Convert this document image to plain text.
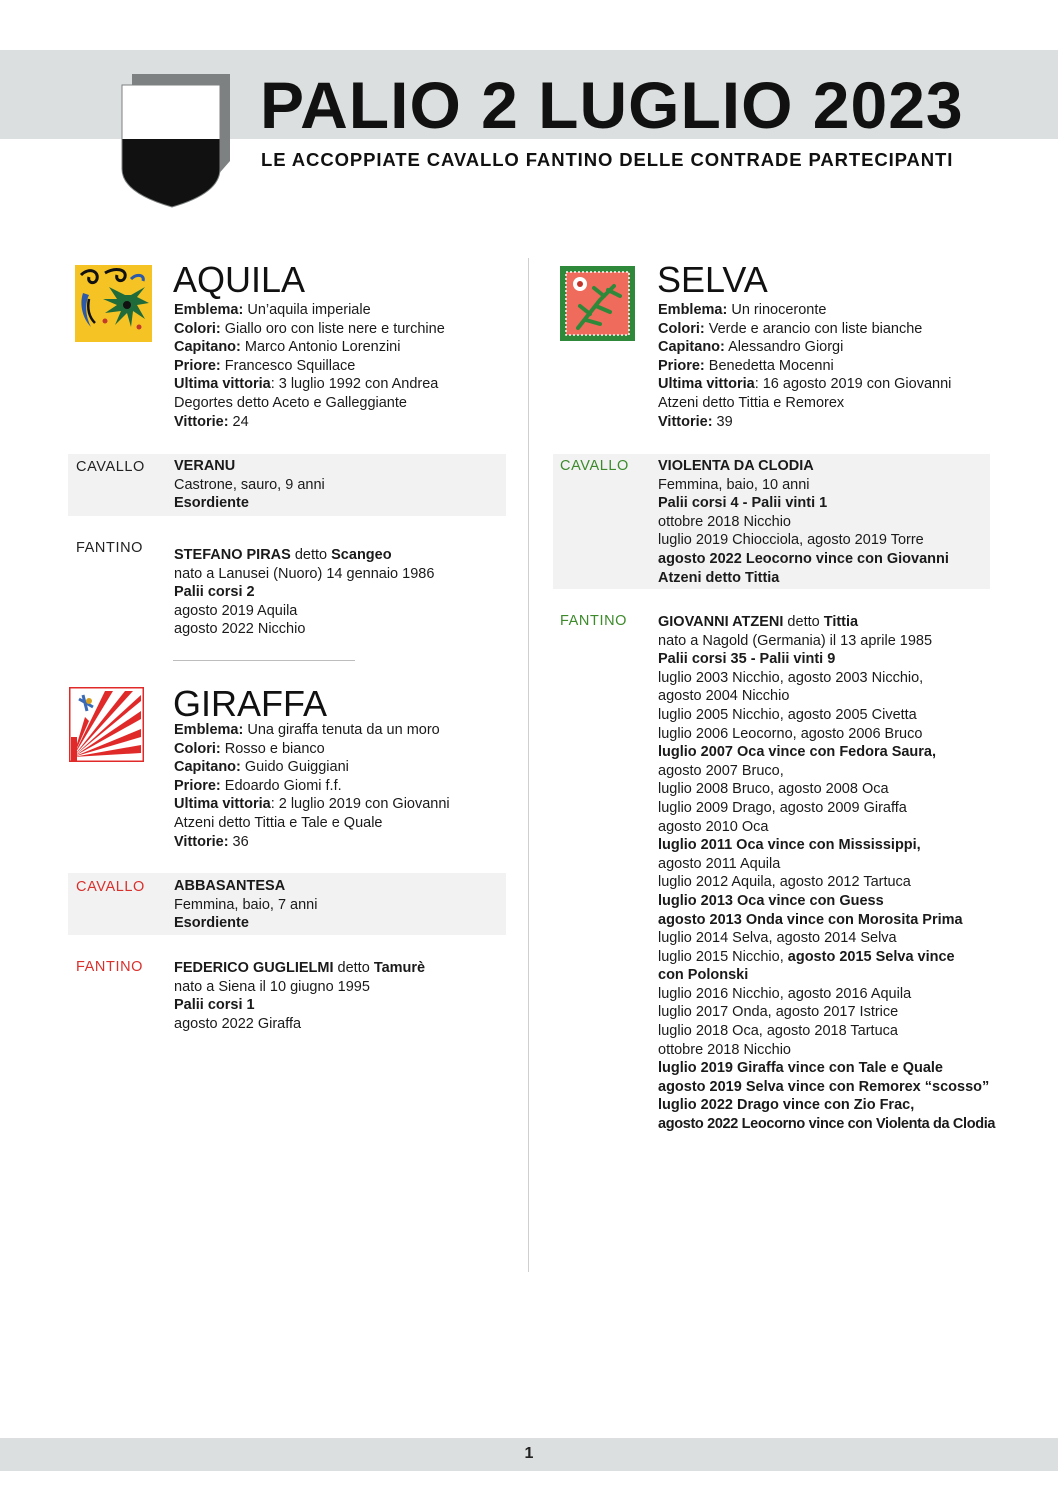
PALIO 2 LUGLIO 2023
LE ACCOPPIATE CAVALLO FANTINO DELLE CONTRADE PARTECIPANTI
AQUILA
Emblema: Un’aquila imperiale
Colori: Giallo oro con liste nere e turchine
Capitano: Marco Antonio Lorenzini
Priore: Francesco Squillace
Ultima vittoria: 3 luglio 1992 con Andrea
Degortes detto Aceto e Galleggiante
Vittorie: 24
CAVALLO VERANU
Castrone, sauro, 9 anni
Esordiente
FANTINO STEFANO PIRAS detto Scangeo
nato a Lanusei (Nuoro) 14 gennaio 1986
Palii corsi 2
agosto 2019 Aquila
agosto 2022 Nicchio
GIRAFFA
Emblema: Una giraffa tenuta da un moro
Colori: Rosso e bianco
Capitano: Guido Guiggiani
Priore: Edoardo Giomi f.f.
Ultima vittoria: 2 luglio 2019 con Giovanni
Atzeni detto Tittia e Tale e Quale
Vittorie: 36
CAVALLO ABBASANTESA
Femmina, baio, 7 anni
Esordiente
FANTINO FEDERICO GUGLIELMI detto Tamurè
nato a Siena il 10 giugno 1995
Palii corsi 1
agosto 2022 Giraffa
SELVA
Emblema: Un rinoceronte
Colori: Verde e arancio con liste bianche
Capitano: Alessandro Giorgi
Priore: Benedetta Mocenni
Ultima vittoria: 16 agosto 2019 con Giovanni
Atzeni detto Tittia e Remorex
Vittorie: 39
CAVALLO VIOLENTA DA CLODIA
Femmina, baio, 10 anni
Palii corsi 4 - Palii vinti 1
ottobre 2018 Nicchio
luglio 2019 Chiocciola, agosto 2019 Torre
agosto 2022 Leocorno vince con Giovanni
Atzeni detto Tittia
FANTINO GIOVANNI ATZENI detto Tittia
nato a Nagold (Germania) il 13 aprile 1985
Palii corsi 35 - Palii vinti 9
luglio 2003 Nicchio, agosto 2003 Nicchio,
agosto 2004 Nicchio
luglio 2005 Nicchio, agosto 2005 Civetta
luglio 2006 Leocorno, agosto 2006 Bruco
luglio 2007 Oca vince con Fedora Saura,
agosto 2007 Bruco,
luglio 2008 Bruco, agosto 2008 Oca
luglio 2009 Drago, agosto 2009 Giraffa
agosto 2010 Oca
luglio 2011 Oca vince con Mississippi,
agosto 2011 Aquila
luglio 2012 Aquila, agosto 2012 Tartuca
luglio 2013 Oca vince con Guess
agosto 2013 Onda vince con Morosita Prima
luglio 2014 Selva, agosto 2014 Selva
luglio 2015 Nicchio, agosto 2015 Selva vince
con Polonski
luglio 2016 Nicchio, agosto 2016 Aquila
luglio 2017 Onda, agosto 2017 Istrice
luglio 2018 Oca, agosto 2018 Tartuca
ottobre 2018 Nicchio
luglio 2019 Giraffa vince con Tale e Quale
agosto 2019 Selva vince con Remorex “scosso”
luglio 2022 Drago vince con Zio Frac,
agosto 2022 Leocorno vince con Violenta da Clodia
1
